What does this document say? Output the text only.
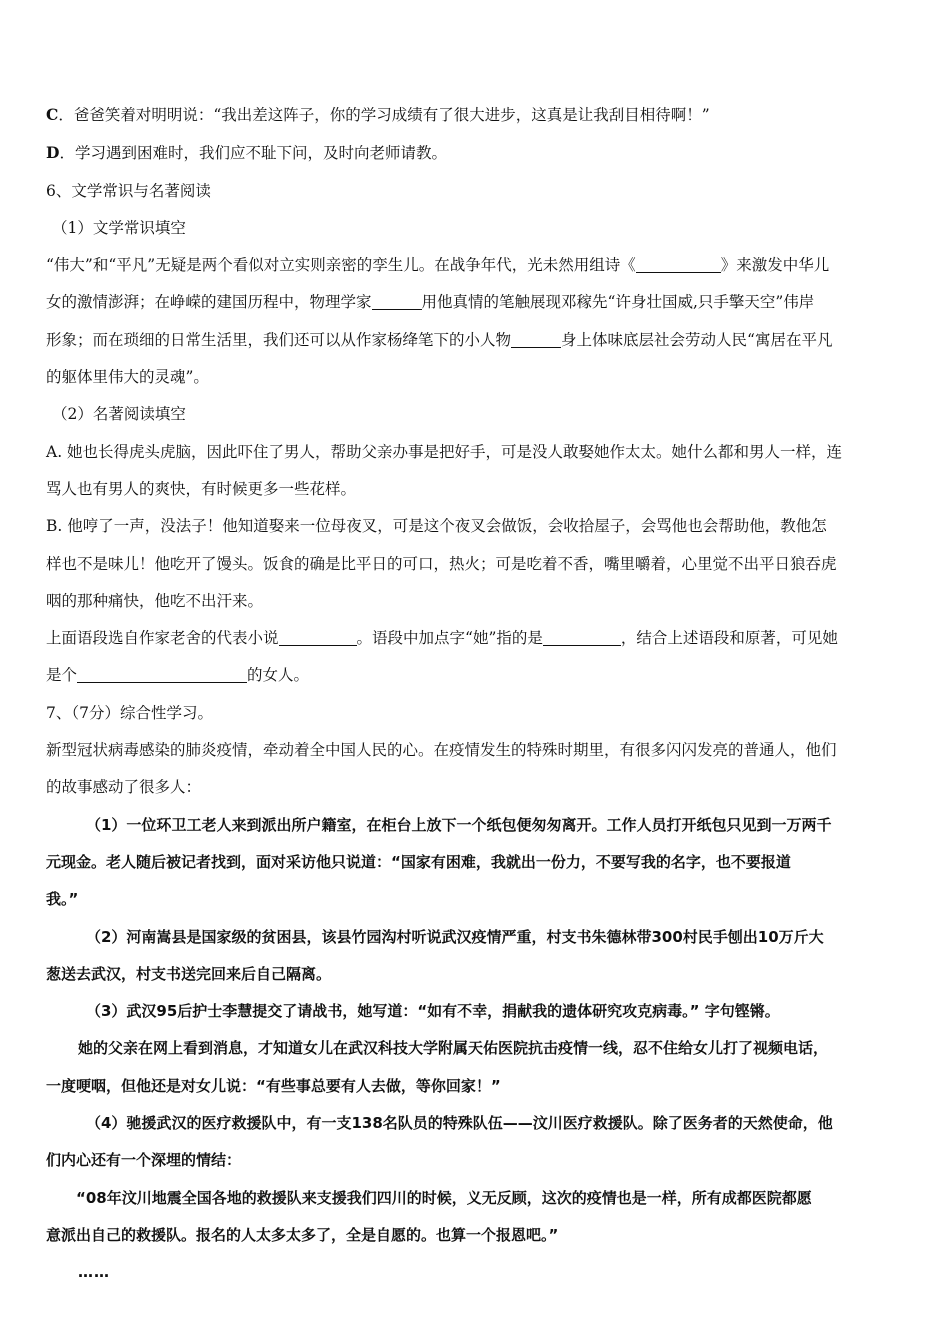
C．爸爸笑着对明明说：“我出差这阵子，你的学习成绩有了很大进步，这真是让我刮目相待啊！”
D．学习遇到困难时，我们应不耻下问，及时向老师请教。
6、文学常识与名著阅读
（1）文学常识填空
“伟大”和“平凡”无疑是两个看似对立实则亲密的孪生儿。在战争年代，光未然用组诗《	》来激发中华儿
女的激情澎湃；在峥嵘的建国历程中，物理学家	用他真情的笔触展现邓稼先“许身壮国威,只手擎天空”伟岸
形象；而在琐细的日常生活里，我们还可以从作家杨绛笔下的小人物	身上体味底层社会劳动人民“寓居在平凡
的躯体里伟大的灵魂”。
（2）名著阅读填空
A. 她也长得虎头虎脑，因此吓住了男人，帮助父亲办事是把好手，可是没人敢娶她作太太。她什么都和男人一样，连
骂人也有男人的爽快，有时候更多一些花样。
B. 他哼了一声，没法子！他知道娶来一位母夜叉，可是这个夜叉会做饭，会收拾屋子，会骂他也会帮助他，教他怎
样也不是味儿！他吃开了馒头。饭食的确是比平日的可口，热火；可是吃着不香，嘴里嚼着，心里觉不出平日狼吞虎
咽的那种痛快，他吃不出汗来。
上面语段选自作家老舍的代表小说	。语段中加点字“她”指的是	，结合上述语段和原著，可见她
是个	的女人。
7、（7分）综合性学习。
新型冠状病毒感染的肺炎疫情，牵动着全中国人民的心。在疫情发生的特殊时期里，有很多闪闪发亮的普通人，他们
的故事感动了很多人：
（1）一位环卫工老人来到派出所户籍室，在柜台上放下一个纸包便匆匆离开。工作人员打开纸包只见到一万两千
元现金。老人随后被记者找到，面对采访他只说道：“国家有困难，我就出一份力，不要写我的名字，也不要报道
我。”
（2）河南嵩县是国家级的贫困县，该县竹园沟村听说武汉疫情严重，村支书朱德林带300村民手刨出10万斤大
葱送去武汉，村支书送完回来后自己隔离。
（3）武汉95后护士李慧提交了请战书，她写道：“如有不幸，捐献我的遗体研究攻克病毒。” 字句铿锵。
她的父亲在网上看到消息，才知道女儿在武汉科技大学附属天佑医院抗击疫情一线，忍不住给女儿打了视频电话，
一度哽咽，但他还是对女儿说：“有些事总要有人去做，等你回家！”
（4）驰援武汉的医疗救援队中，有一支138名队员的特殊队伍——汶川医疗救援队。除了医务者的天然使命，他
们内心还有一个深埋的情结：
“08年汶川地震全国各地的救援队来支援我们四川的时候，义无反顾，这次的疫情也是一样，所有成都医院都愿
意派出自己的救援队。报名的人太多太多了，全是自愿的。也算一个报恩吧。”
……
